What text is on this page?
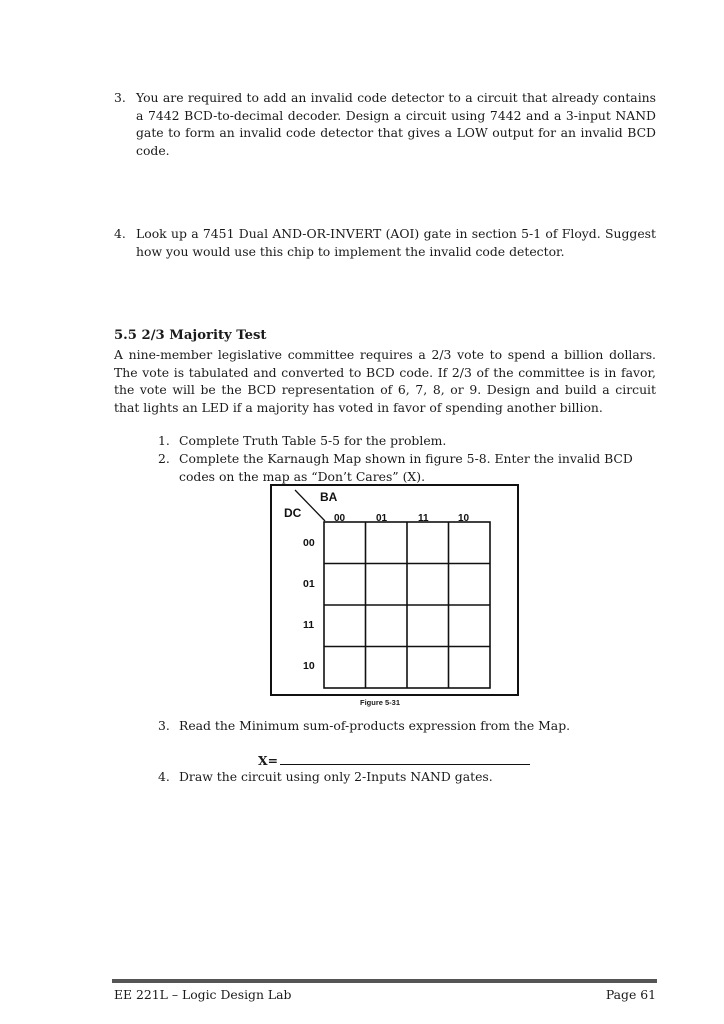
3. You are required to add an invalid code detector to a circuit that already contains a 7442 BCD-to-decimal decoder. Design a circuit using 7442 and a 3-input NAND gate to form an invalid code detector that gives a LOW output for an invalid BCD code.
4. Look up a 7451 Dual AND-OR-INVERT (AOI) gate in section 5-1 of Floyd. Suggest how you would use this chip to implement the invalid code detector.
5.5 2/3 Majority Test
A nine-member legislative committee requires a 2/3 vote to spend a billion dollars. The vote is tabulated and converted to BCD code. If 2/3 of the committee is in favor, the vote will be the BCD representation of 6, 7, 8, or 9. Design and build a circuit that lights an LED if a majority has voted in favor of spending another billion.
1. Complete Truth Table 5-5 for the problem.
2. Complete the Karnaugh Map shown in figure 5-8. Enter the invalid BCD codes on the map as “Don’t Cares” (X).
BA
DC	00	01	11	10
00
01
11
10
Figure 5-31
3. Read the Minimum sum-of-products expression from the Map.
X=
4. Draw the circuit using only 2-Inputs NAND gates.
EE 221L – Logic Design Lab	Page 61
